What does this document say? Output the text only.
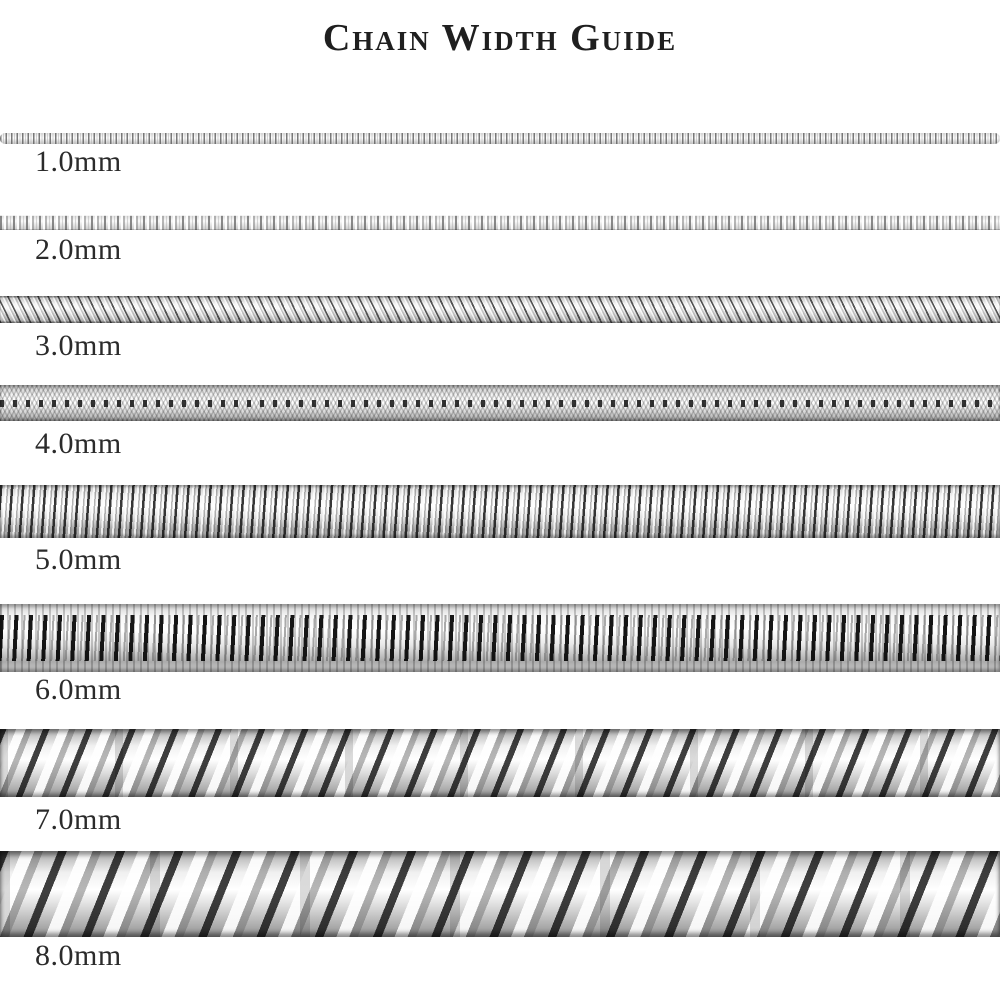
Chain Width Guide
1.0mm
2.0mm
3.0mm
4.0mm
5.0mm
6.0mm
7.0mm
8.0mm
